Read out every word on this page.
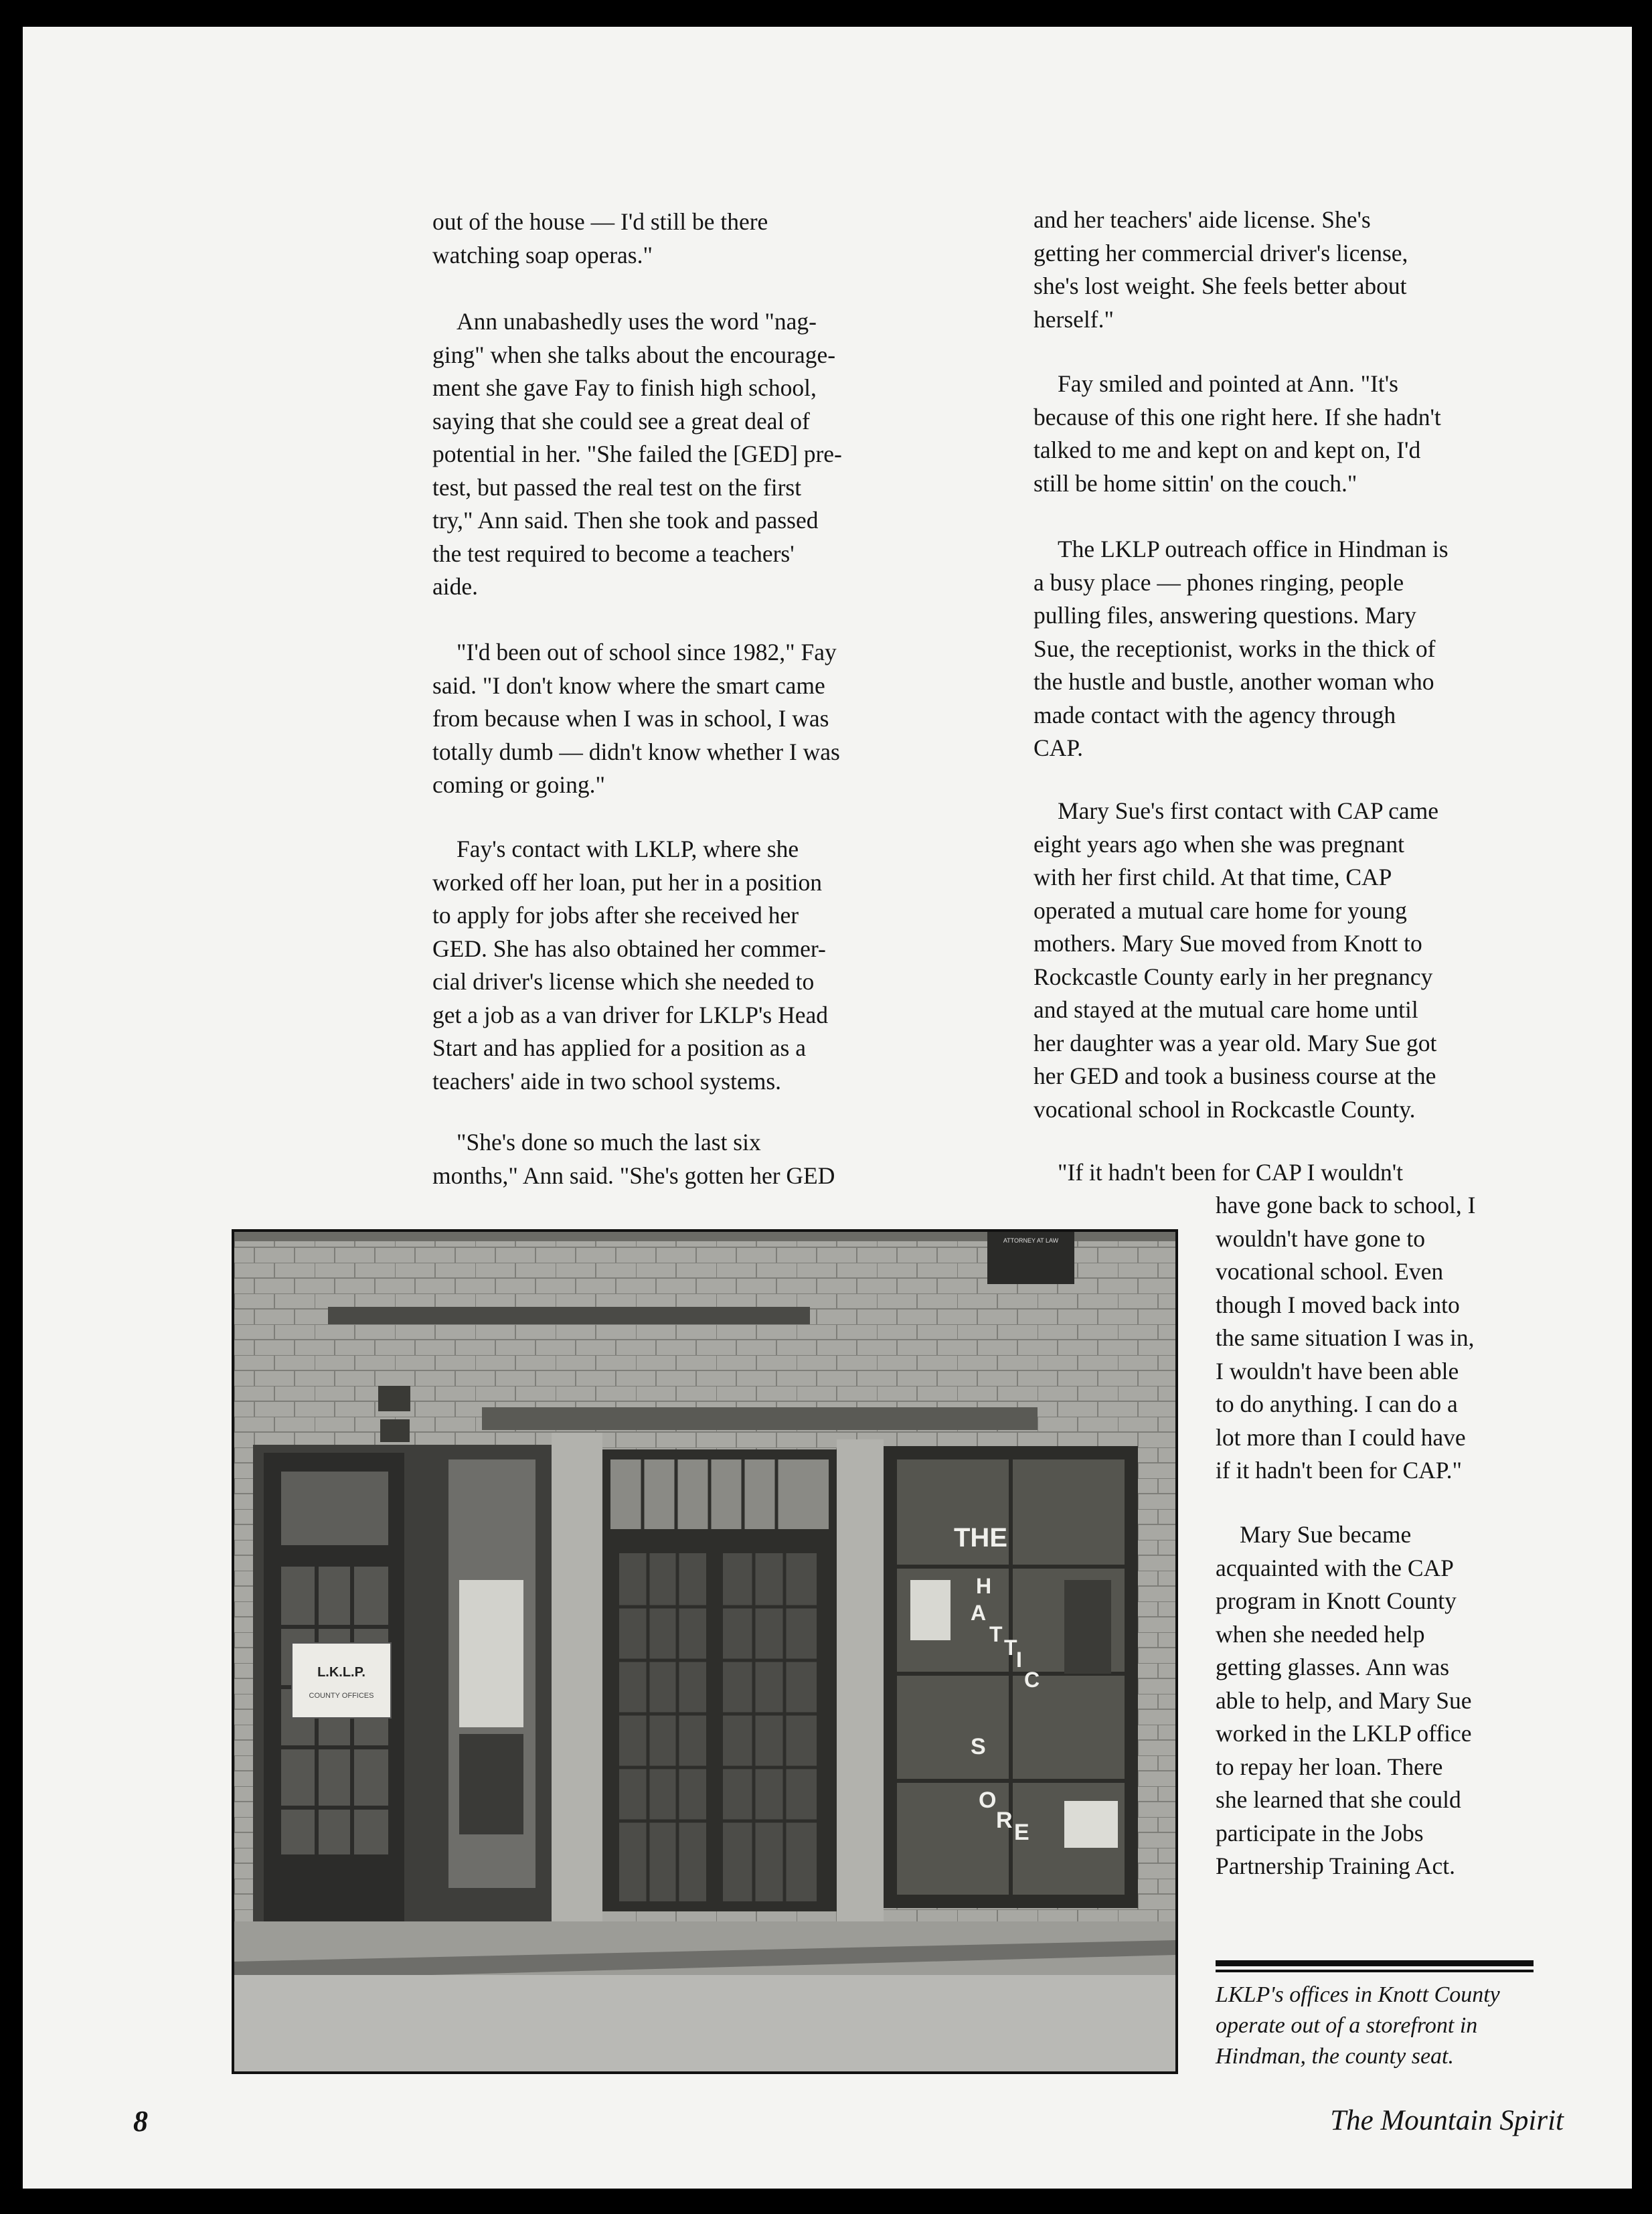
out of the house — I'd still be there
watching soap operas."

Ann unabashedly uses the word "nag-
ging" when she talks about the encourage-
ment she gave Fay to finish high school,
saying that she could see a great deal of
potential in her. "She failed the [GED] pre-
test, but passed the real test on the first
try," Ann said. Then she took and passed
the test required to become a teachers'
aide.

"I'd been out of school since 1982," Fay
said. "I don't know where the smart came
from because when I was in school, I was
totally dumb — didn't know whether I was
coming or going."

Fay's contact with LKLP, where she
worked off her loan, put her in a position
to apply for jobs after she received her
GED. She has also obtained her commer-
cial driver's license which she needed to
get a job as a van driver for LKLP's Head
Start and has applied for a position as a
teachers' aide in two school systems.

"She's done so much the last six
months," Ann said. "She's gotten her GED

and her teachers' aide license. She's
getting her commercial driver's license,
she's lost weight. She feels better about
herself."

Fay smiled and pointed at Ann. "It's
because of this one right here. If she hadn't
talked to me and kept on and kept on, I'd
still be home sittin' on the couch."

The LKLP outreach office in Hindman is
a busy place — phones ringing, people
pulling files, answering questions. Mary
Sue, the receptionist, works in the thick of
the hustle and bustle, another woman who
made contact with the agency through
CAP.

Mary Sue's first contact with CAP came
eight years ago when she was pregnant
with her first child. At that time, CAP
operated a mutual care home for young
mothers. Mary Sue moved from Knott to
Rockcastle County early in her pregnancy
and stayed at the mutual care home until
her daughter was a year old. Mary Sue got
her GED and took a business course at the
vocational school in Rockcastle County.

"If it hadn't been for CAP I wouldn't

have gone back to school, I
wouldn't have gone to
vocational school. Even
though I moved back into
the same situation I was in,
I wouldn't have been able
to do anything. I can do a
lot more than I could have
if it hadn't been for CAP."

Mary Sue became
acquainted with the CAP
program in Knott County
when she needed help
getting glasses. Ann was
able to help, and Mary Sue
worked in the LKLP office
to repay her loan. There
she learned that she could
participate in the Jobs
Partnership Training Act.

ATTORNEY AT LAW
L.K.L.P.
COUNTY OFFICES
THE
H
A
T
T
I
C
S
O
R E

LKLP's offices in Knott County
operate out of a storefront in
Hindman, the county seat.

8	The Mountain Spirit
